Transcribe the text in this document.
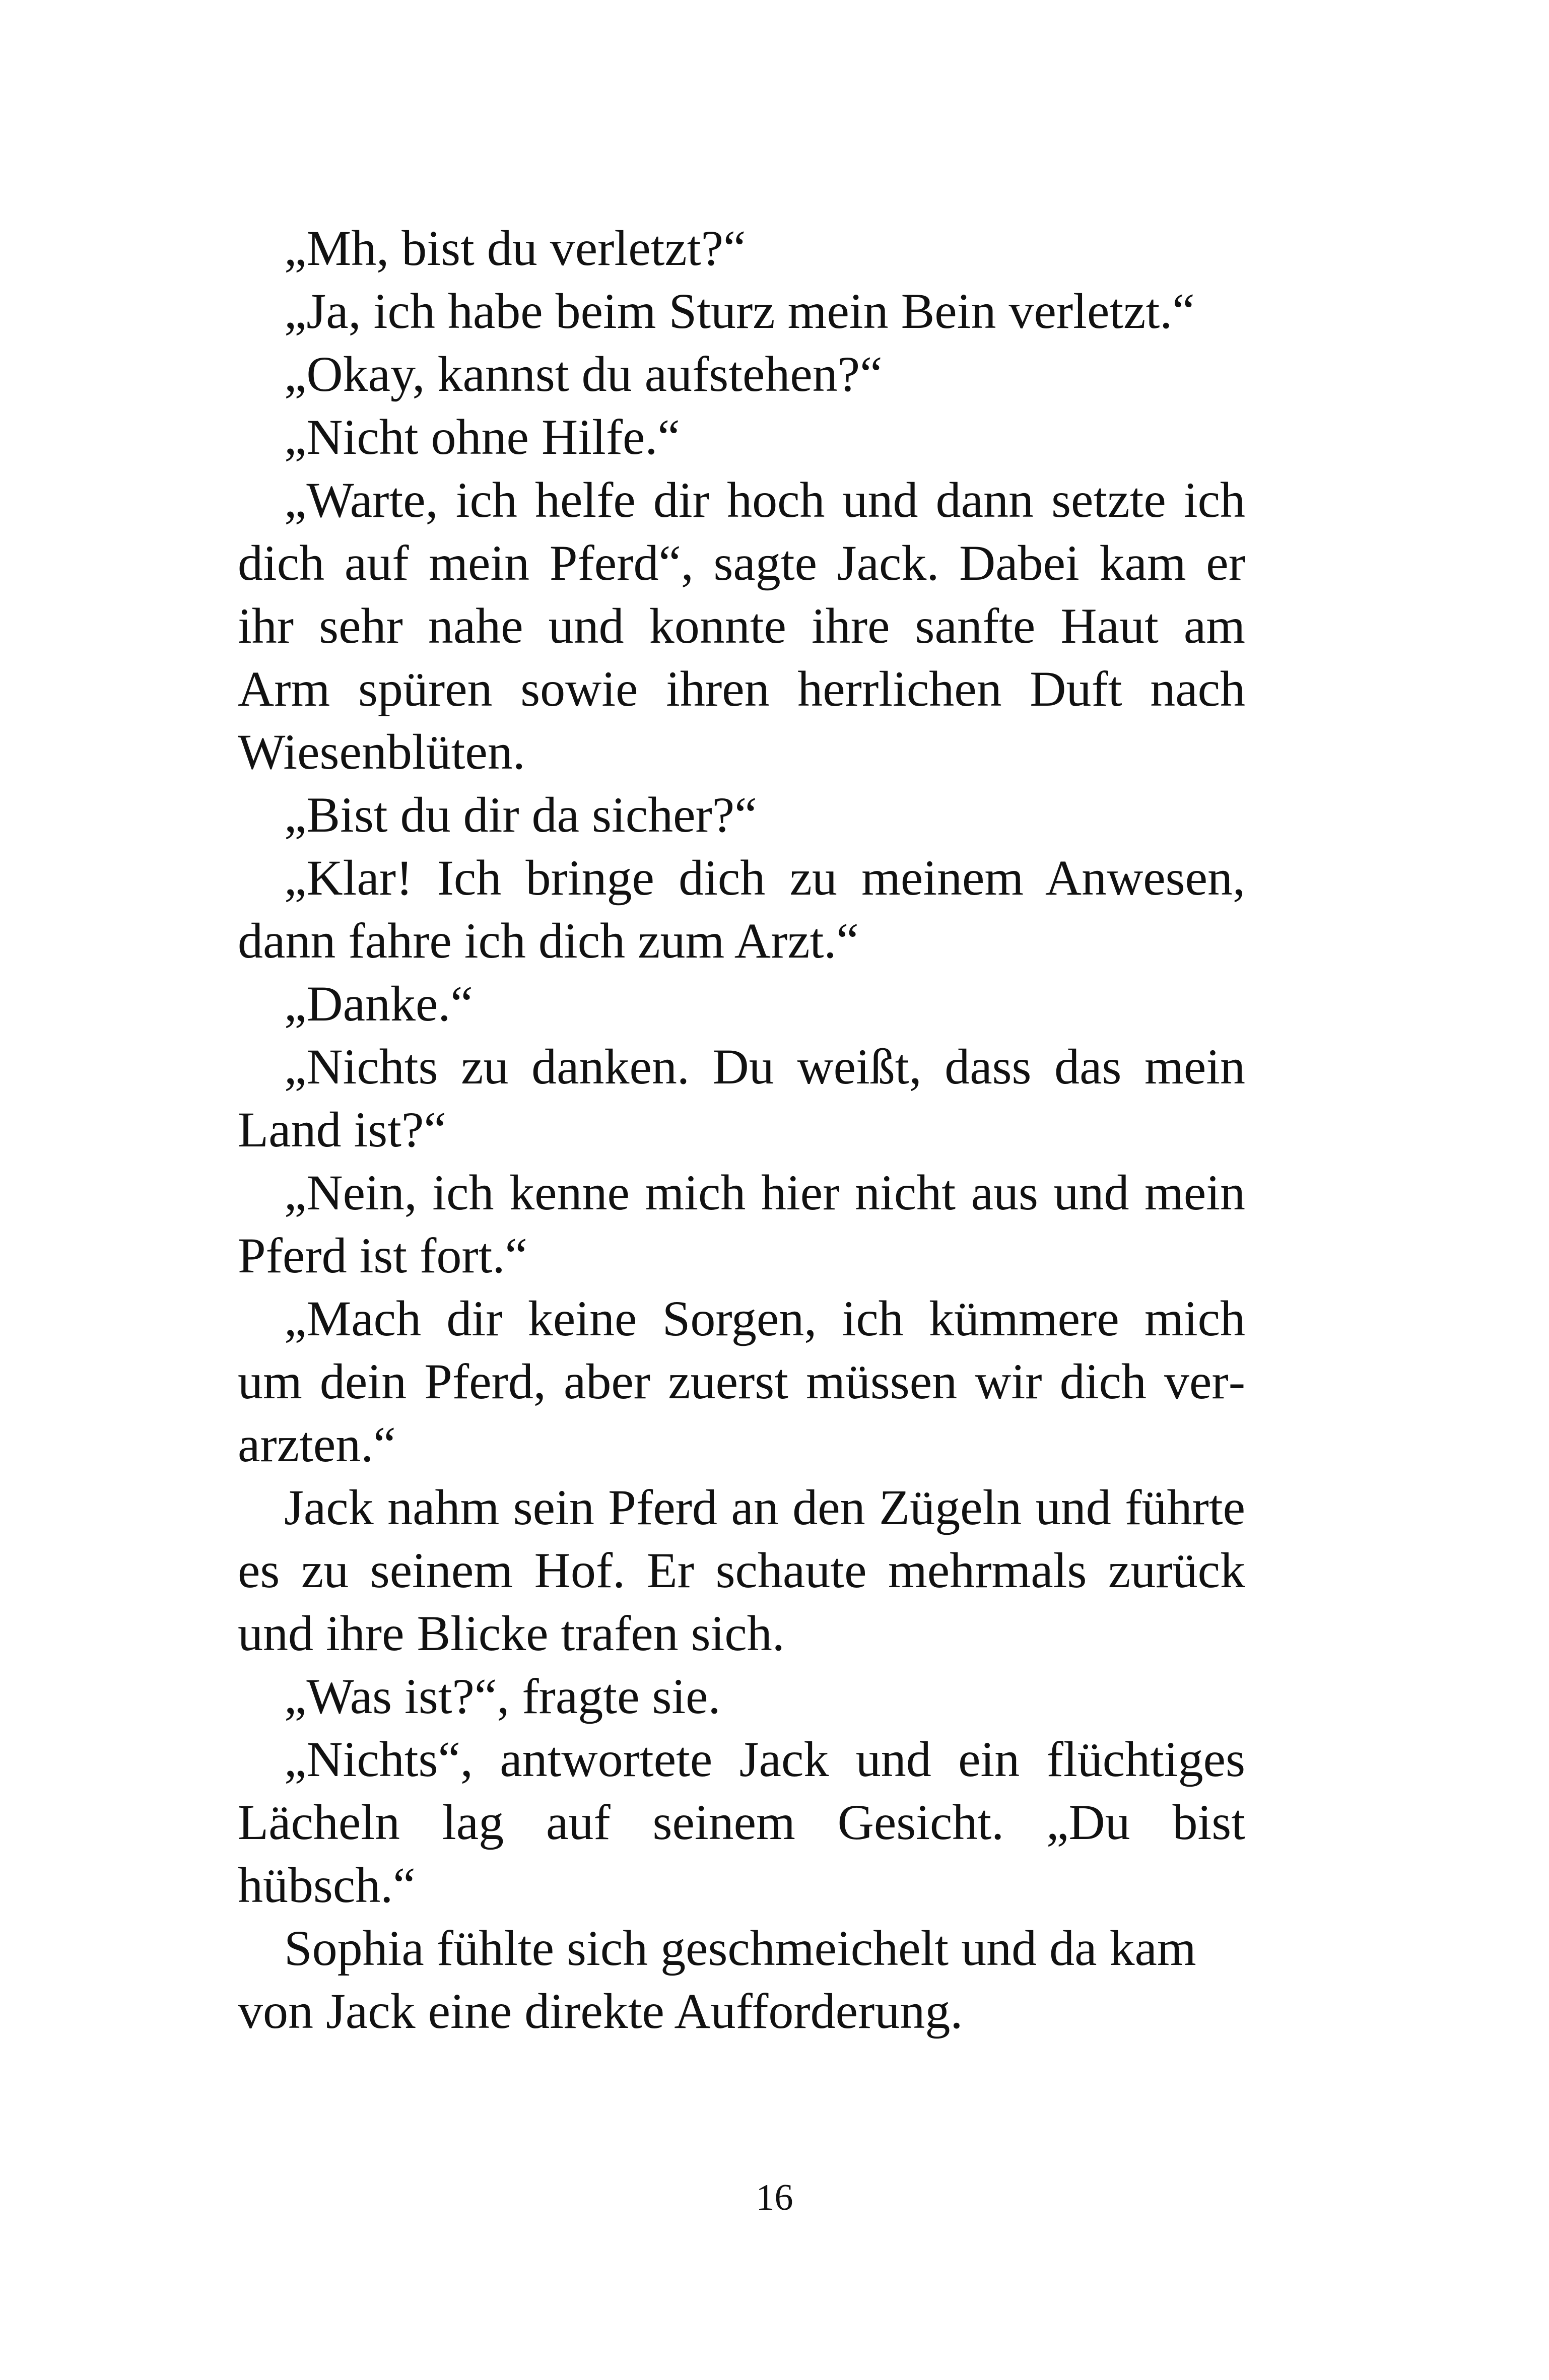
„Mh, bist du verletzt?“

„Ja, ich habe beim Sturz mein Bein verletzt.“

„Okay, kannst du aufstehen?“

„Nicht ohne Hilfe.“

„Warte, ich helfe dir hoch und dann setzte ich dich auf mein Pferd“, sagte Jack. Dabei kam er ihr sehr nahe und konnte ihre sanfte Haut am Arm spüren sowie ihren herrlichen Duft nach Wiesenblüten.

„Bist du dir da sicher?“

„Klar! Ich bringe dich zu meinem Anwesen, dann fahre ich dich zum Arzt.“

„Danke.“

„Nichts zu danken. Du weißt, dass das mein Land ist?“

„Nein, ich kenne mich hier nicht aus und mein Pferd ist fort.“

„Mach dir keine Sorgen, ich kümmere mich um dein Pferd, aber zuerst müssen wir dich verarzten.“

Jack nahm sein Pferd an den Zügeln und führte es zu seinem Hof. Er schaute mehrmals zurück und ihre Blicke trafen sich.

„Was ist?“, fragte sie.

„Nichts“, antwortete Jack und ein flüchtiges Lächeln lag auf seinem Gesicht. „Du bist hübsch.“

Sophia fühlte sich geschmeichelt und da kam von Jack eine direkte Aufforderung.

16
